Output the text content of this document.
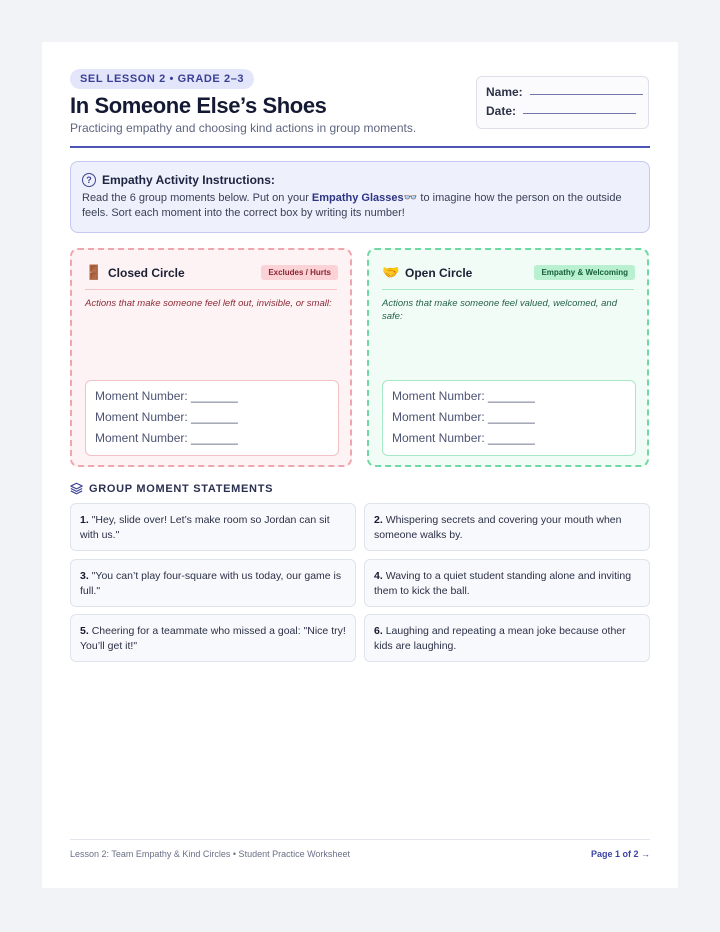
SEL LESSON 2 • GRADE 2–3
In Someone Else’s Shoes
Practicing empathy and choosing kind actions in group moments.
Name:
Date:
? Empathy Activity Instructions:
Read the 6 group moments below. Put on your Empathy Glasses👓 to imagine how the person on the outside feels. Sort each moment into the correct box by writing its number!
🚪 Closed Circle	Excludes / Hurts
Actions that make someone feel left out, invisible, or small:
Moment Number: _______
Moment Number: _______
Moment Number: _______
🤝 Open Circle	Empathy & Welcoming
Actions that make someone feel valued, welcomed, and safe:
Moment Number: _______
Moment Number: _______
Moment Number: _______
GROUP MOMENT STATEMENTS
1. "Hey, slide over! Let’s make room so Jordan can sit with us."
2. Whispering secrets and covering your mouth when someone walks by.
3. "You can’t play four-square with us today, our game is full."
4. Waving to a quiet student standing alone and inviting them to kick the ball.
5. Cheering for a teammate who missed a goal: "Nice try! You’ll get it!"
6. Laughing and repeating a mean joke because other kids are laughing.
Lesson 2: Team Empathy & Kind Circles • Student Practice Worksheet	Page 1 of 2 →
